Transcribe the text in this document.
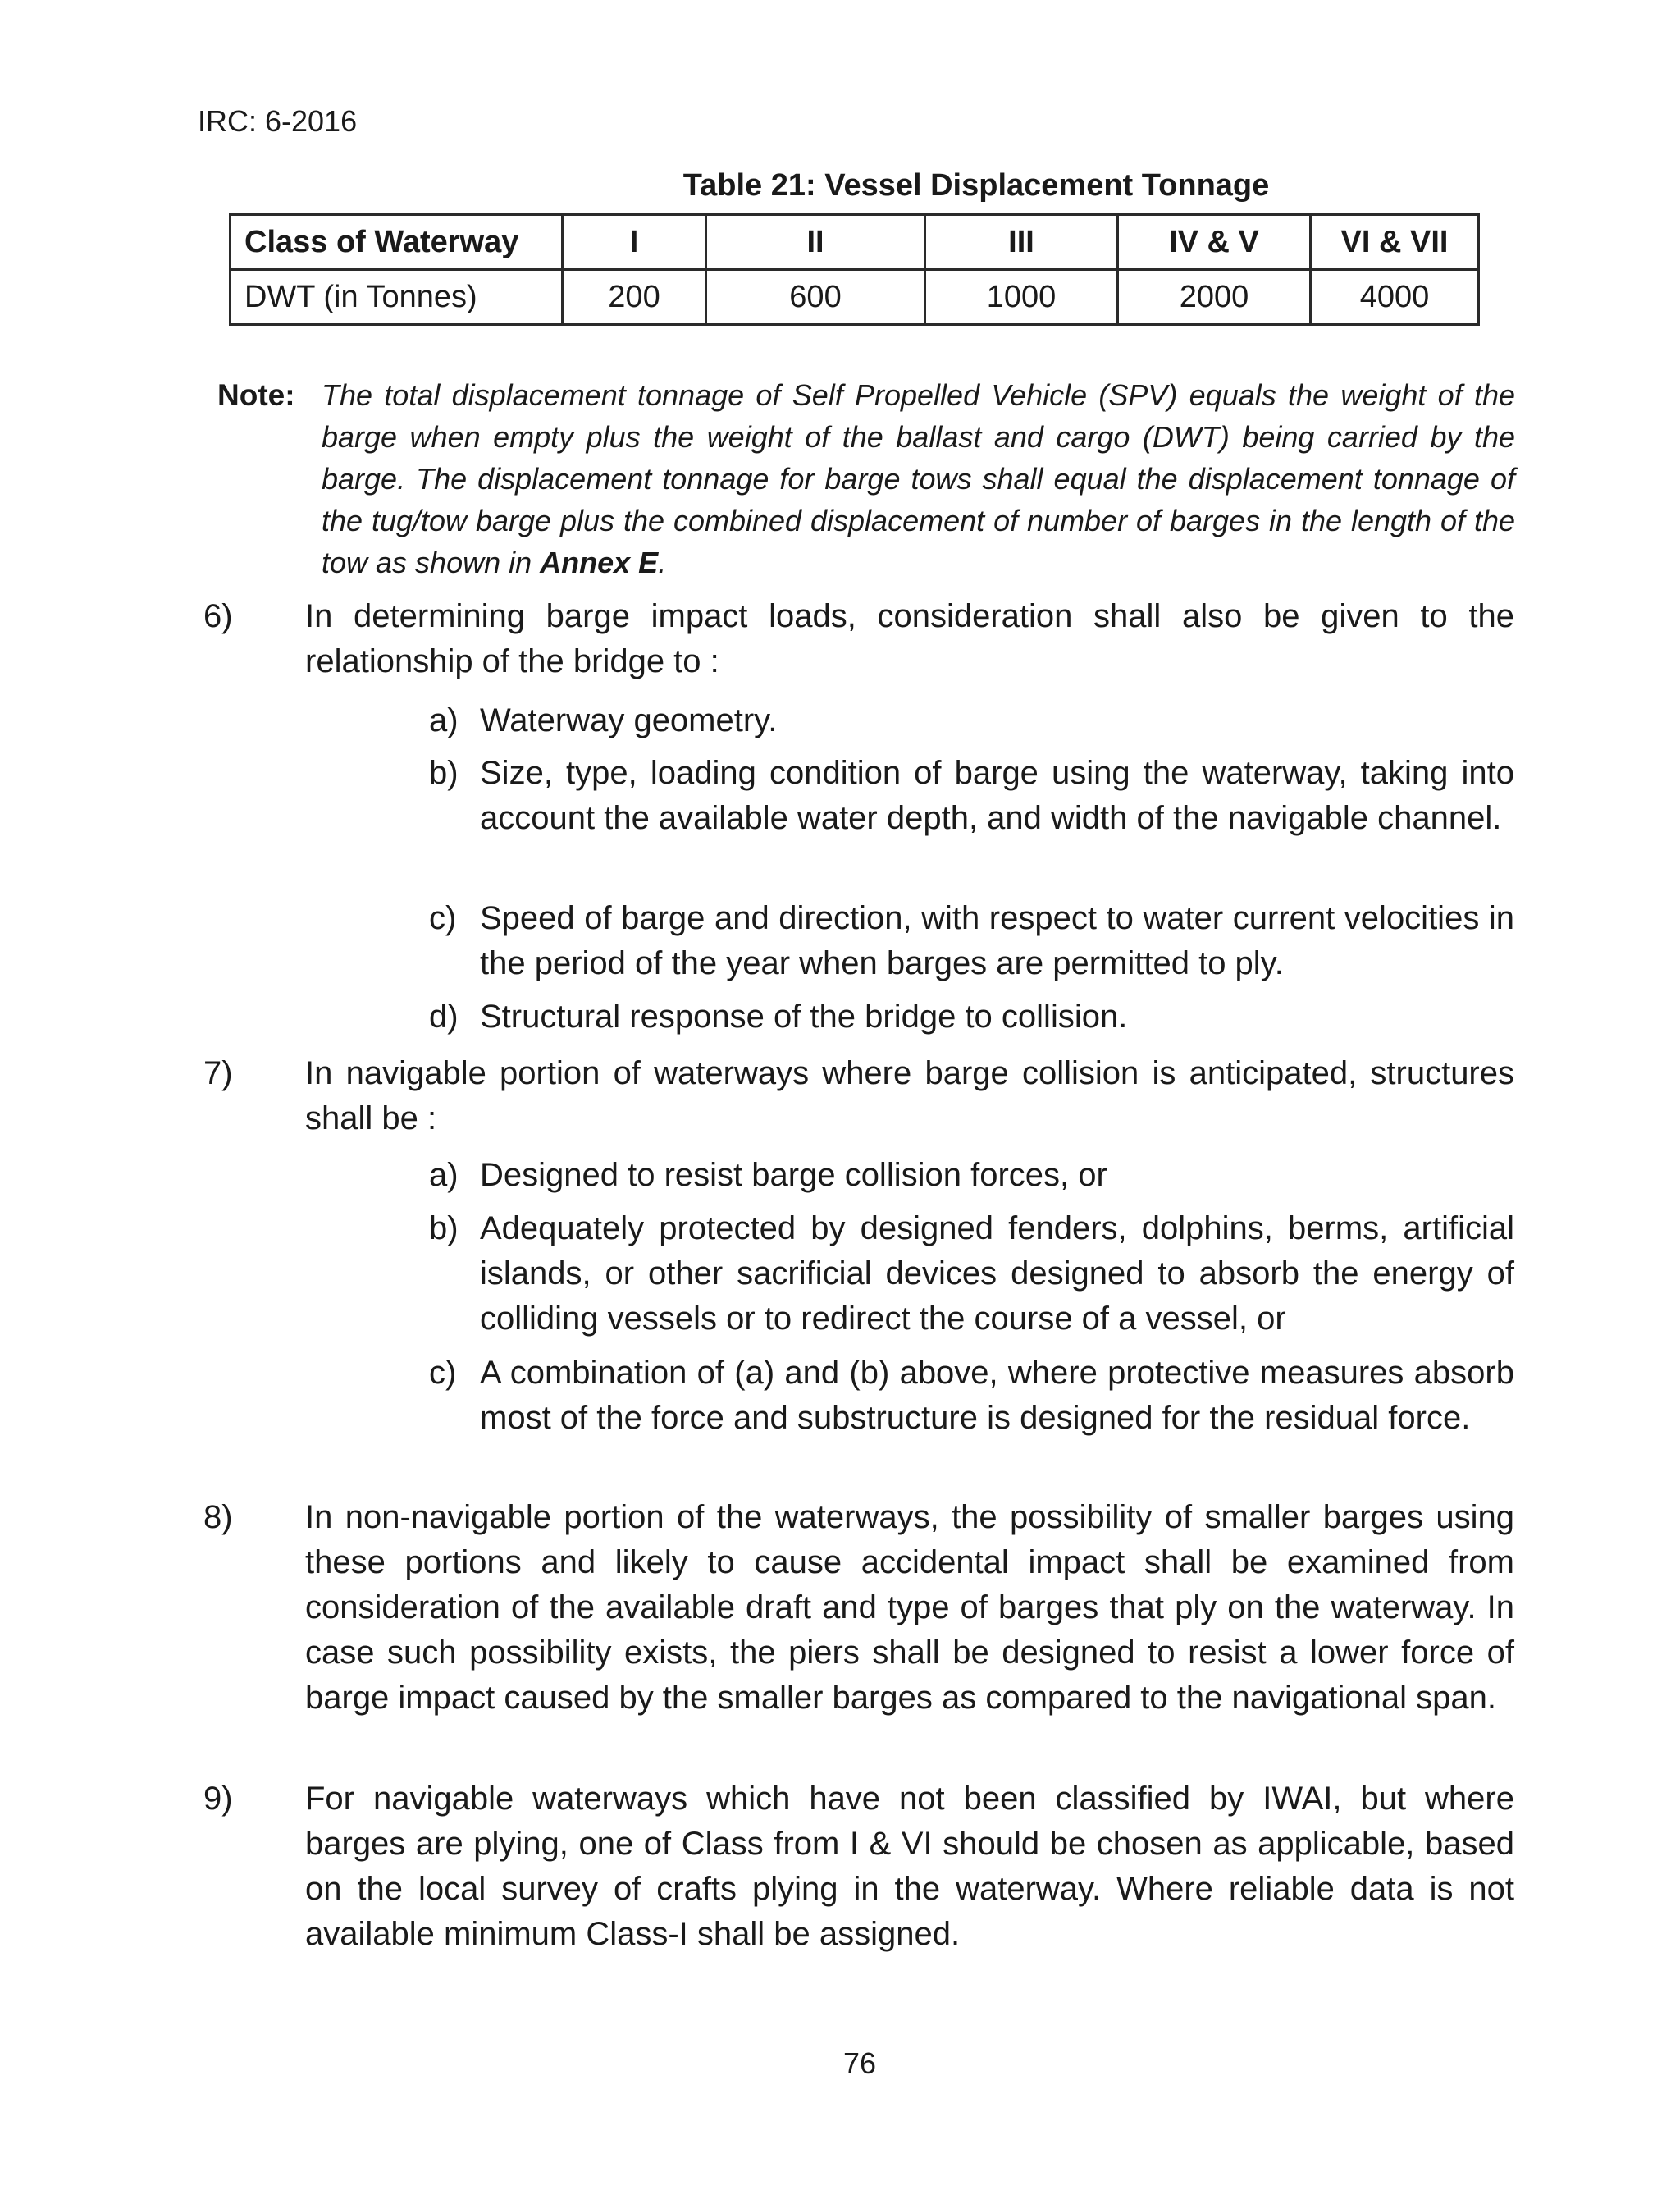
IRC: 6-2016
Table 21: Vessel Displacement Tonnage
Class of Waterway	I	II	III	IV & V	VI & VII
DWT (in Tonnes)	200	600	1000	2000	4000
Note: The total displacement tonnage of Self Propelled Vehicle (SPV) equals the weight of the barge when empty plus the weight of the ballast and cargo (DWT) being carried by the barge. The displacement tonnage for barge tows shall equal the displacement tonnage of the tug/tow barge plus the combined displacement of number of barges in the length of the tow as shown in Annex E.
6) In determining barge impact loads, consideration shall also be given to the relationship of the bridge to :
a) Waterway geometry.
b) Size, type, loading condition of barge using the waterway, taking into account the available water depth, and width of the navigable channel.
c) Speed of barge and direction, with respect to water current velocities in the period of the year when barges are permitted to ply.
d) Structural response of the bridge to collision.
7) In navigable portion of waterways where barge collision is anticipated, structures shall be :
a) Designed to resist barge collision forces, or
b) Adequately protected by designed fenders, dolphins, berms, artificial islands, or other sacrificial devices designed to absorb the energy of colliding vessels or to redirect the course of a vessel, or
c) A combination of (a) and (b) above, where protective measures absorb most of the force and substructure is designed for the residual force.
8) In non-navigable portion of the waterways, the possibility of smaller barges using these portions and likely to cause accidental impact shall be examined from consideration of the available draft and type of barges that ply on the waterway. In case such possibility exists, the piers shall be designed to resist a lower force of barge impact caused by the smaller barges as compared to the navigational span.
9) For navigable waterways which have not been classified by IWAI, but where barges are plying, one of Class from I & VI should be chosen as applicable, based on the local survey of crafts plying in the waterway. Where reliable data is not available minimum Class-I shall be assigned.
76
